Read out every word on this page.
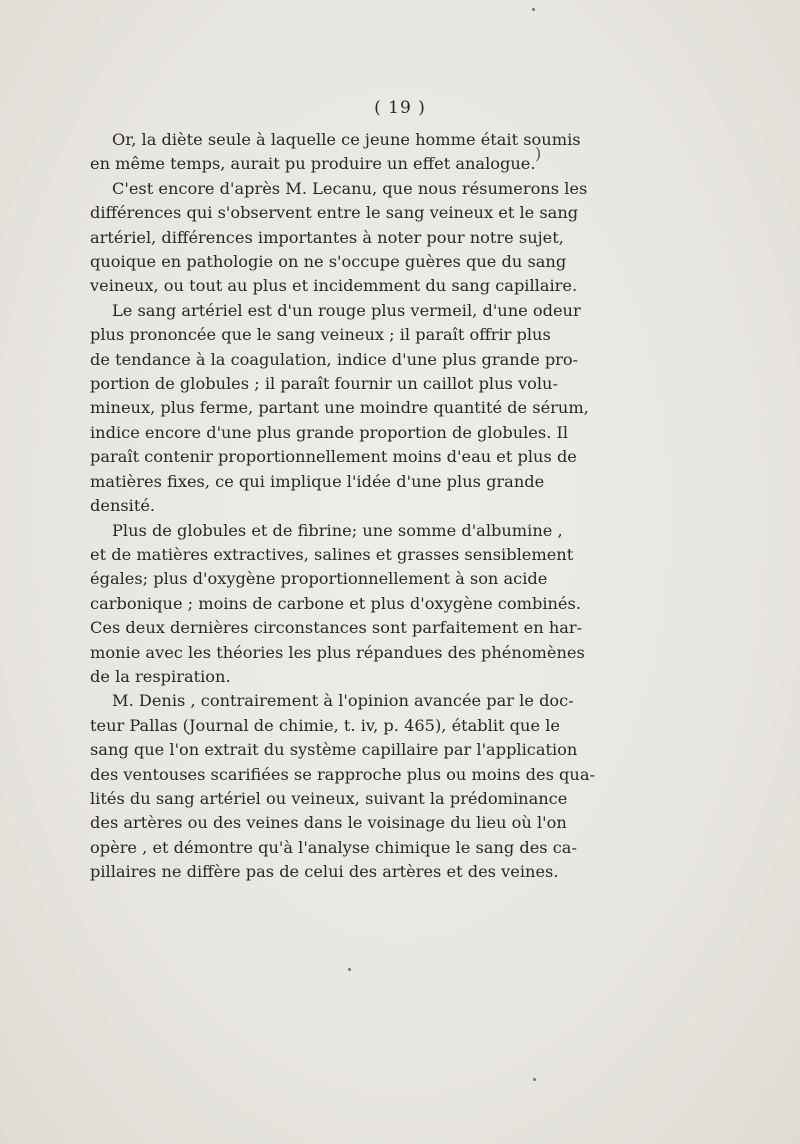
( 19 )
)
Or, la diète seule à laquelle ce jeune homme était soumis
en même temps, aurait pu produire un effet analogue.
C'est encore d'après M. Lecanu, que nous résumerons les
différences qui s'observent entre le sang veineux et le sang
artériel, différences importantes à noter pour notre sujet,
quoique en pathologie on ne s'occupe guères que du sang
veineux, ou tout au plus et incidemment du sang capillaire.
Le sang artériel est d'un rouge plus vermeil, d'une odeur
plus prononcée que le sang veineux ; il paraît offrir plus
de tendance à la coagulation, indice d'une plus grande pro-
portion de globules ; il paraît fournir un caillot plus volu-
mineux, plus ferme, partant une moindre quantité de sérum,
indice encore d'une plus grande proportion de globules. Il
paraît contenir proportionnellement moins d'eau et plus de
matières fixes, ce qui implique l'idée d'une plus grande
densité.
Plus de globules et de fibrine; une somme d'albumine ,
et de matières extractives, salines et grasses sensiblement
égales; plus d'oxygène proportionnellement à son acide
carbonique ; moins de carbone et plus d'oxygène combinés.
Ces deux dernières circonstances sont parfaitement en har-
monie avec les théories les plus répandues des phénomènes
de la respiration.
M. Denis , contrairement à l'opinion avancée par le doc-
teur Pallas (Journal de chimie, t. iv, p. 465), établit que le
sang que l'on extrait du système capillaire par l'application
des ventouses scarifiées se rapproche plus ou moins des qua-
lités du sang artériel ou veineux, suivant la prédominance
des artères ou des veines dans le voisinage du lieu où l'on
opère , et démontre qu'à l'analyse chimique le sang des ca-
pillaires ne diffère pas de celui des artères et des veines.
